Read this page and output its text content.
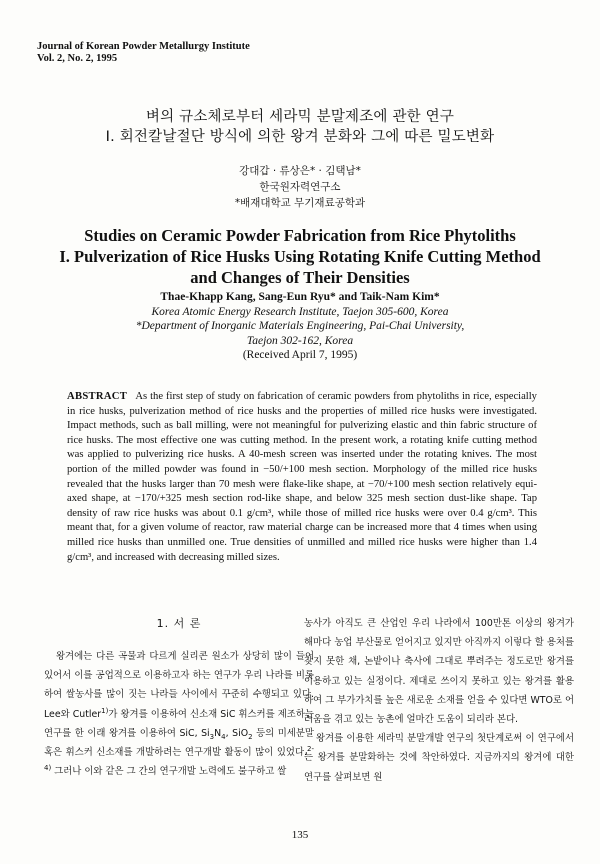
Journal of Korean Powder Metallurgy Institute
Vol. 2, No. 2, 1995
벼의 규소체로부터 세라믹 분말제조에 관한 연구
I. 회전칼날절단 방식에 의한 왕겨 분화와 그에 따른 밀도변화
강대갑 · 류상은* · 김택남*
한국원자력연구소
*배재대학교 무기재료공학과
Studies on Ceramic Powder Fabrication from Rice Phytoliths
I. Pulverization of Rice Husks Using Rotating Knife Cutting Method
and Changes of Their Densities
Thae-Khapp Kang, Sang-Eun Ryu* and Taik-Nam Kim*
Korea Atomic Energy Research Institute, Taejon 305-600, Korea
*Department of Inorganic Materials Engineering, Pai-Chai University,
Taejon 302-162, Korea
(Received April 7, 1995)
ABSTRACT As the first step of study on fabrication of ceramic powders from phytoliths in rice, especially in rice husks, pulverization method of rice husks and the properties of milled rice husks were investigated. Impact methods, such as ball milling, were not meaningful for pulverizing elastic and thin fabric structure of rice husks. The most effective one was cutting method. In the present work, a rotating knife cutting method was applied to pulverizing rice husks. A 40-mesh screen was inserted under the rotating knives. The most portion of the milled powder was found in −50/+100 mesh section. Morphology of the milled rice husks revealed that the husks larger than 70 mesh were flake-like shape, at −70/+100 mesh section relatively equi-axed shape, at −170/+325 mesh section rod-like shape, and below 325 mesh section dust-like shape. Tap density of raw rice husks was about 0.1 g/cm³, while those of milled rice husks were over 0.4 g/cm³. This meant that, for a given volume of reactor, raw material charge can be increased more that 4 times when using milled rice husks than unmilled one. True densities of unmilled and milled rice husks were higher than 1.4 g/cm³, and increased with decreasing milled sizes.
1. 서 론

왕겨에는 다른 곡물과 다르게 실리콘 원소가 상당히 많이 들어 있어서 이를 공업적으로 이용하고자 하는 연구가 우리 나라를 비롯하여 쌀농사를 많이 짓는 나라들 사이에서 꾸준히 수행되고 있다. Lee와 Cutler$^{1)}$가 왕겨를 이용하여 신소재 SiC 휘스커를 제조하는 연구를 한 이래 왕겨를 이용하여 SiC, $Si_3N_4$, SiO$_2$ 등의 미세분말 혹은 휘스커 신소재를 개발하려는 연구개발 활동이 많이 있었다.$^{2-4)}$ 그러나 이와 같은 그 간의 연구개발 노력에도 불구하고 쌀

농사가 아직도 큰 산업인 우리 나라에서 100만톤 이상의 왕겨가 해마다 농업 부산물로 얻어지고 있지만 아직까지 이렇다 할 용처를 찾지 못한 채, 논밭이나 축사에 그대로 뿌려주는 정도로만 왕겨를 이용하고 있는 실정이다. 제대로 쓰이지 못하고 있는 왕겨를 활용하여 그 부가가치를 높은 새로운 소재를 얻을 수 있다면 WTO로 어려움을 겪고 있는 농촌에 얼마간 도움이 되리라 본다.

왕겨를 이용한 세라믹 분말개발 연구의 첫단계로써 이 연구에서는 왕겨를 분말화하는 것에 착안하였다. 지금까지의 왕겨에 대한 연구를 살펴보면 원

135
